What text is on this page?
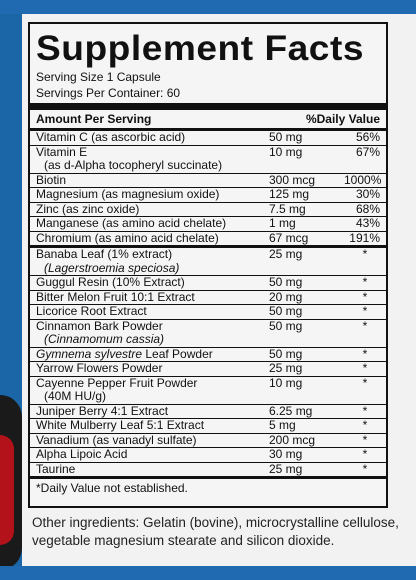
Supplement Facts
Serving Size 1 Capsule
Servings Per Container: 60
Amount Per Serving	%Daily Value
Vitamin C (as ascorbic acid)	50 mg	56%
Vitamin E	10 mg	67%
(as d-Alpha tocopheryl succinate)
Biotin	300 mcg	1000%
Magnesium (as magnesium oxide)	125 mg	30%
Zinc (as zinc oxide)	7.5 mg	68%
Manganese (as amino acid chelate)	1 mg	43%
Chromium (as amino acid chelate)	67 mcg	191%
Banaba Leaf (1% extract)	25 mg	*
(Lagerstroemia speciosa)
Guggul Resin (10% Extract)	50 mg	*
Bitter Melon Fruit 10:1 Extract	20 mg	*
Licorice Root Extract	50 mg	*
Cinnamon Bark Powder	50 mg	*
(Cinnamomum cassia)
Gymnema sylvestre Leaf Powder	50 mg	*
Yarrow Flowers Powder	25 mg	*
Cayenne Pepper Fruit Powder	10 mg	*
(40M HU/g)
Juniper Berry 4:1 Extract	6.25 mg	*
White Mulberry Leaf 5:1 Extract	5 mg	*
Vanadium (as vanadyl sulfate)	200 mcg	*
Alpha Lipoic Acid	30 mg	*
Taurine	25 mg	*
*Daily Value not established.
Other ingredients: Gelatin (bovine), microcrystalline cellulose, vegetable magnesium stearate and silicon dioxide.
